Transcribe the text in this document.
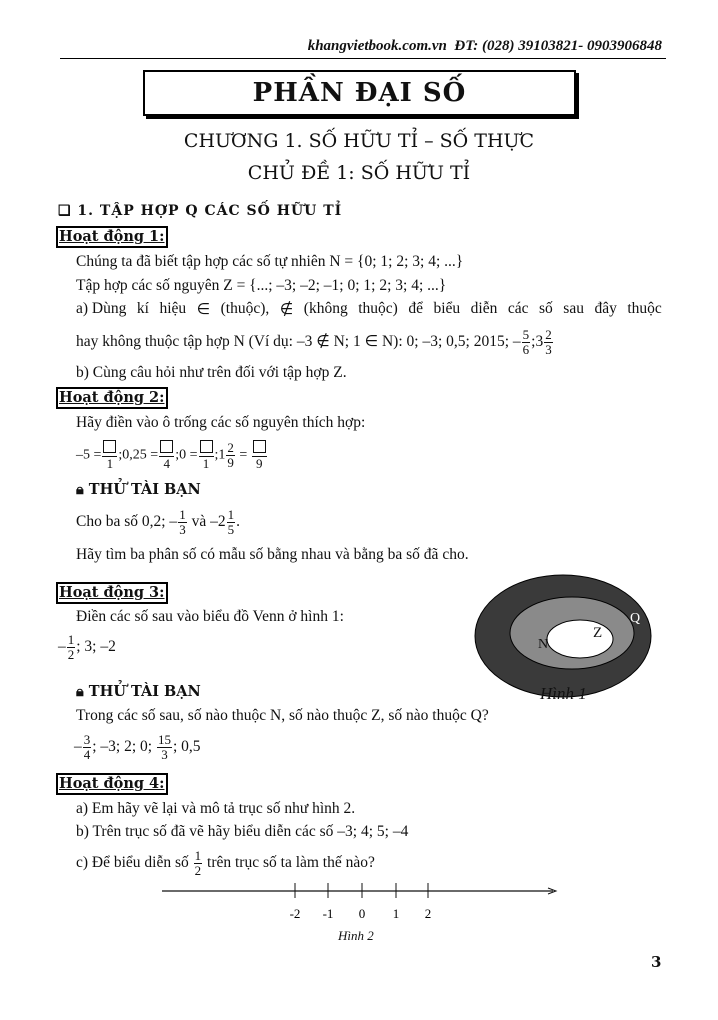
khangvietbook.com.vn ĐT: (028) 39103821- 0903906848
PHẦN ĐẠI SỐ
CHƯƠNG 1. SỐ HỮU TỈ – SỐ THỰC
CHỦ ĐỀ 1: SỐ HỮU TỈ
❑ 1. TẬP HỢP Q CÁC SỐ HỮU TỈ
Hoạt động 1:
Chúng ta đã biết tập hợp các số tự nhiên N = {0; 1; 2; 3; 4; ...}
Tập hợp các số nguyên Z = {...; –3; –2; –1; 0; 1; 2; 3; 4; ...}
a) Dùng kí hiệu ∈ (thuộc), ∉ (không thuộc) để biểu diễn các số sau đây thuộc
hay không thuộc tập hợp N (Ví dụ: –3 ∉ N; 1 ∈ N): 0; –3; 0,5; 2015; – $\frac{5}{6}$ ;3 $\frac{2}{3}$
b) Cùng câu hỏi như trên đối với tập hợp Z.
Hoạt động 2:
Hãy điền vào ô trống các số nguyên thích hợp:
–5 =
1
;0,25 =
4
;0 =
1
;1 $\frac{2}{9}$ =
9
🔒︎ THỬ TÀI BẠN
Cho ba số 0,2; – $\frac{1}{3}$ và $-2 \frac{1}{5}$ .
Hãy tìm ba phân số có mẫu số bằng nhau và bằng ba số đã cho.
Hoạt động 3:
Điền các số sau vào biểu đồ Venn ở hình 1:
– $\frac{1}{2}$ ; 3; –2
Q
Z
N
Hình 1
🔒︎ THỬ TÀI BẠN
Trong các số sau, số nào thuộc N, số nào thuộc Z, số nào thuộc Q?
– $\frac{3}{4}$ ; –3; 2; 0; $\frac{15}{3}$ ; 0,5
Hoạt động 4:
a) Em hãy vẽ lại và mô tả trục số như hình 2.
b) Trên trục số đã vẽ hãy biểu diễn các số –3; 4; 5; –4
c) Để biểu diễn số $\frac{1}{2}$ trên trục số ta làm thế nào?
-2 -1 0 1 2
Hình 2
3
